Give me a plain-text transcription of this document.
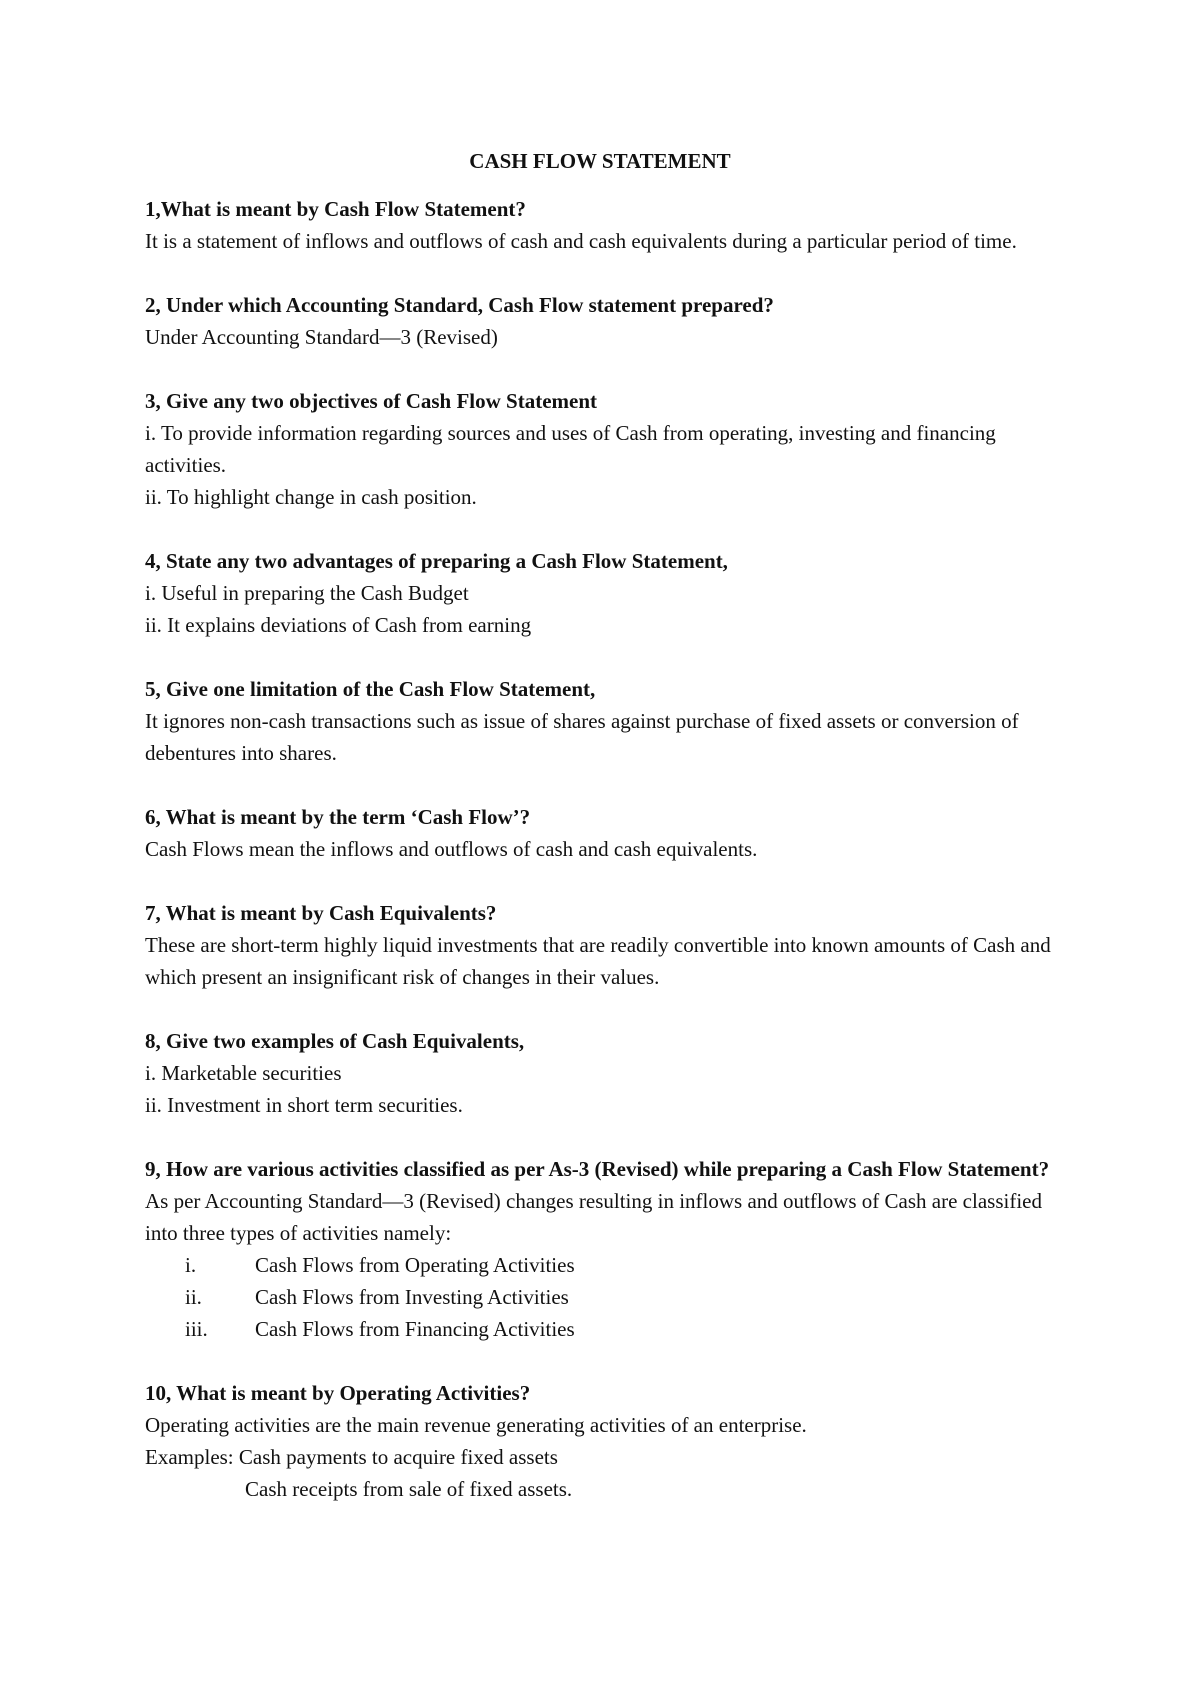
CASH FLOW STATEMENT
1,What is meant by Cash Flow Statement?
It is a statement of inflows and outflows of cash and cash equivalents during a particular period of time.
2, Under which Accounting Standard, Cash Flow statement prepared?
Under Accounting Standard—3 (Revised)
3, Give any two objectives of Cash Flow Statement
i. To provide information regarding sources and uses of Cash from operating, investing and financing activities.
ii. To highlight change in cash position.
4, State any two advantages of preparing a Cash Flow Statement,
i. Useful in preparing the Cash Budget
ii. It explains deviations of Cash from earning
5, Give one limitation of the Cash Flow Statement,
It ignores non-cash transactions such as issue of shares against purchase of fixed assets or conversion of debentures into shares.
6, What is meant by the term ‘Cash Flow’?
Cash Flows mean the inflows and outflows of cash and cash equivalents.
7, What is meant by Cash Equivalents?
These are short-term highly liquid investments that are readily convertible into known amounts of Cash and which present an insignificant risk of changes in their values.
8, Give two examples of Cash Equivalents,
i. Marketable securities
ii. Investment in short term securities.
9, How are various activities classified as per As-3 (Revised) while preparing a Cash Flow Statement?
As per Accounting Standard—3 (Revised) changes resulting in inflows and outflows of Cash are classified into three types of activities namely:
i.	Cash Flows from Operating Activities
ii.	Cash Flows from Investing Activities
iii. Cash Flows from Financing Activities
10, What is meant by Operating Activities?
Operating activities are the main revenue generating activities of an enterprise.
Examples: Cash payments to acquire fixed assets
Cash receipts from sale of fixed assets.
